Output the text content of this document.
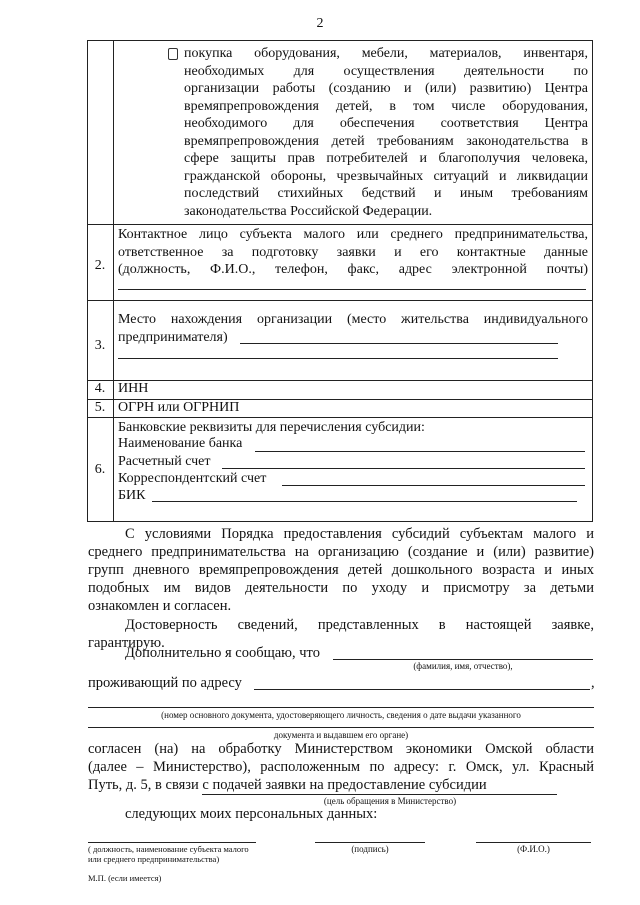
2
покупка оборудования, мебели, материалов, инвентаря,
необходимых для осуществления деятельности по
организации работы (созданию и (или) развитию) Центра
времяпрепровождения детей, в том числе оборудования,
необходимого для обеспечения соответствия Центра
времяпрепровождения детей требованиям законодательства в
сфере защиты прав потребителей и благополучия человека,
гражданской обороны, чрезвычайных ситуаций и ликвидации
последствий стихийных бедствий и иным требованиям
законодательства Российской Федерации.
2.
Контактное лицо субъекта малого или среднего предпринимательства,
ответственное за подготовку заявки и его контактные данные
(должность, Ф.И.О., телефон, факс, адрес электронной почты)
3.
Место нахождения организации (место жительства индивидуального
предпринимателя)
4. ИНН
5. ОГРН или ОГРНИП
6.
Банковские реквизиты для перечисления субсидии:
Наименование банка
Расчетный счет
Корреспондентский счет
БИК
С условиями Порядка предоставления субсидий субъектам малого и
среднего предпринимательства на организацию (создание и (или) развитие)
групп дневного времяпрепровождения детей дошкольного возраста и иных
подобных им видов деятельности по уходу и присмотру за детьми
ознакомлен и согласен.
Достоверность сведений, представленных в настоящей заявке,
гарантирую.
Дополнительно я сообщаю, что
(фамилия, имя, отчество),
проживающий по адресу	,
(номер основного документа, удостоверяющего личность, сведения о дате выдачи указанного
документа и выдавшем его органе)
согласен (на) на обработку Министерством экономики Омской области
(далее – Министерство), расположенным по адресу: г. Омск, ул. Красный
Путь, д. 5, в связи с подачей заявки на предоставление субсидии
(цель обращения в Министерство)
следующих моих персональных данных:
( должность, наименование субъекта малого
или среднего предпринимательства)
(подпись)	(Ф.И.О.)
М.П. (если имеется)
